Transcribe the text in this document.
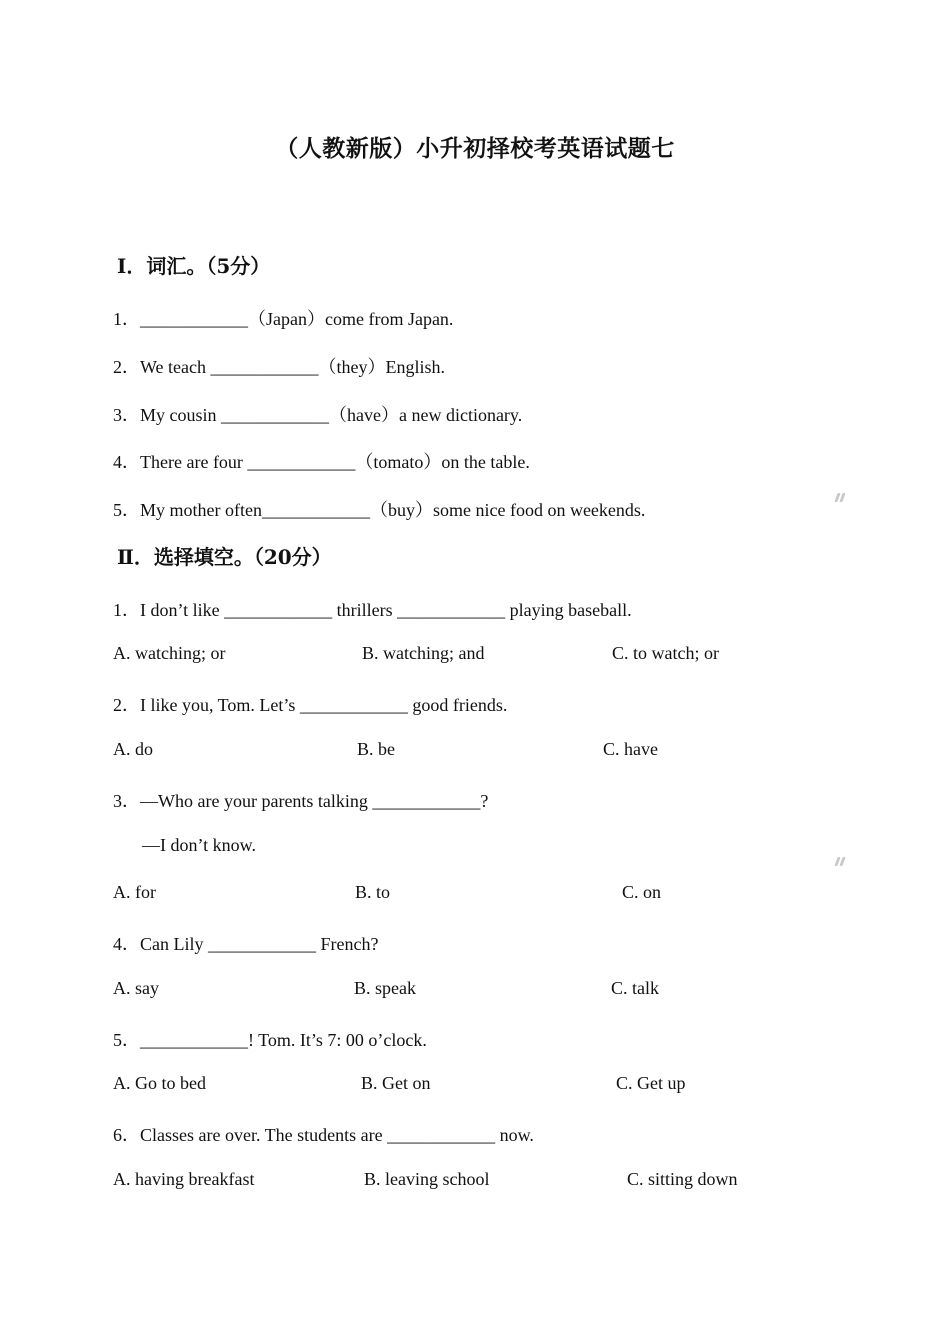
（人教新版）小升初择校考英语试题七
Ⅰ．词汇。（5分）
1．____________（Japan）come from Japan.
2．We teach ____________（they）English.
3．My cousin ____________（have）a new dictionary.
4．There are four ____________（tomato）on the table.
5．My mother often____________（buy）some nice food on weekends.
Ⅱ．选择填空。（20分）
1．I don’t like ____________ thrillers ____________ playing baseball.
A. watching; or	B. watching; and	C. to watch; or
2．I like you, Tom. Let’s ____________ good friends.
A. do	B. be	C. have
3．—Who are your parents talking ____________?
—I don’t know.
A. for	B. to	C. on
4．Can Lily ____________ French?
A. say	B. speak	C. talk
5．____________! Tom. It’s 7: 00 o’clock.
A. Go to bed	B. Get on	C. Get up
6．Classes are over. The students are ____________ now.
A. having breakfast	B. leaving school	C. sitting down
